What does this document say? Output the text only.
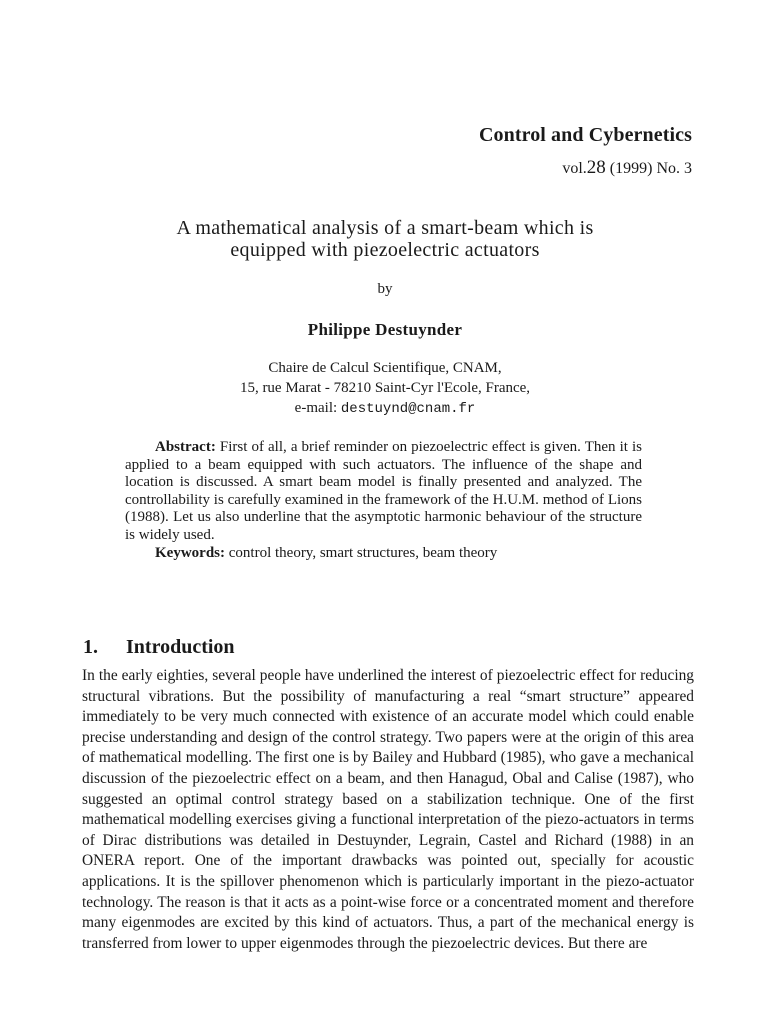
Control and Cybernetics
vol.28 (1999) No. 3
A mathematical analysis of a smart-beam which is
equipped with piezoelectric actuators
by
Philippe Destuynder
Chaire de Calcul Scientifique, CNAM,
15, rue Marat - 78210 Saint-Cyr l'Ecole, France,
e-mail: destuynd@cnam.fr
Abstract: First of all, a brief reminder on piezoelectric effect is given. Then it is applied to a beam equipped with such actuators. The influence of the shape and location is discussed. A smart beam model is finally presented and analyzed. The controllability is carefully examined in the framework of the H.U.M. method of Lions (1988). Let us also underline that the asymptotic harmonic behaviour of the structure is widely used.
Keywords: control theory, smart structures, beam theory
1. Introduction

In the early eighties, several people have underlined the interest of piezoelectric effect for reducing structural vibrations. But the possibility of manufacturing a real “smart structure” appeared immediately to be very much connected with existence of an accurate model which could enable precise understanding and design of the control strategy. Two papers were at the origin of this area of mathematical modelling. The first one is by Bailey and Hubbard (1985), who gave a mechanical discussion of the piezoelectric effect on a beam, and then Hanagud, Obal and Calise (1987), who suggested an optimal control strategy based on a stabilization technique. One of the first mathematical modelling exercises giving a functional interpretation of the piezo-actuators in terms of Dirac distributions was detailed in Destuynder, Legrain, Castel and Richard (1988) in an ONERA report. One of the important drawbacks was pointed out, specially for acoustic applications. It is the spillover phenomenon which is particularly important in the piezo-actuator technology. The reason is that it acts as a point-wise force or a concentrated moment and therefore many eigenmodes are excited by this kind of actuators. Thus, a part of the mechanical energy is transferred from lower to upper eigenmodes through the piezoelectric devices. But there are
